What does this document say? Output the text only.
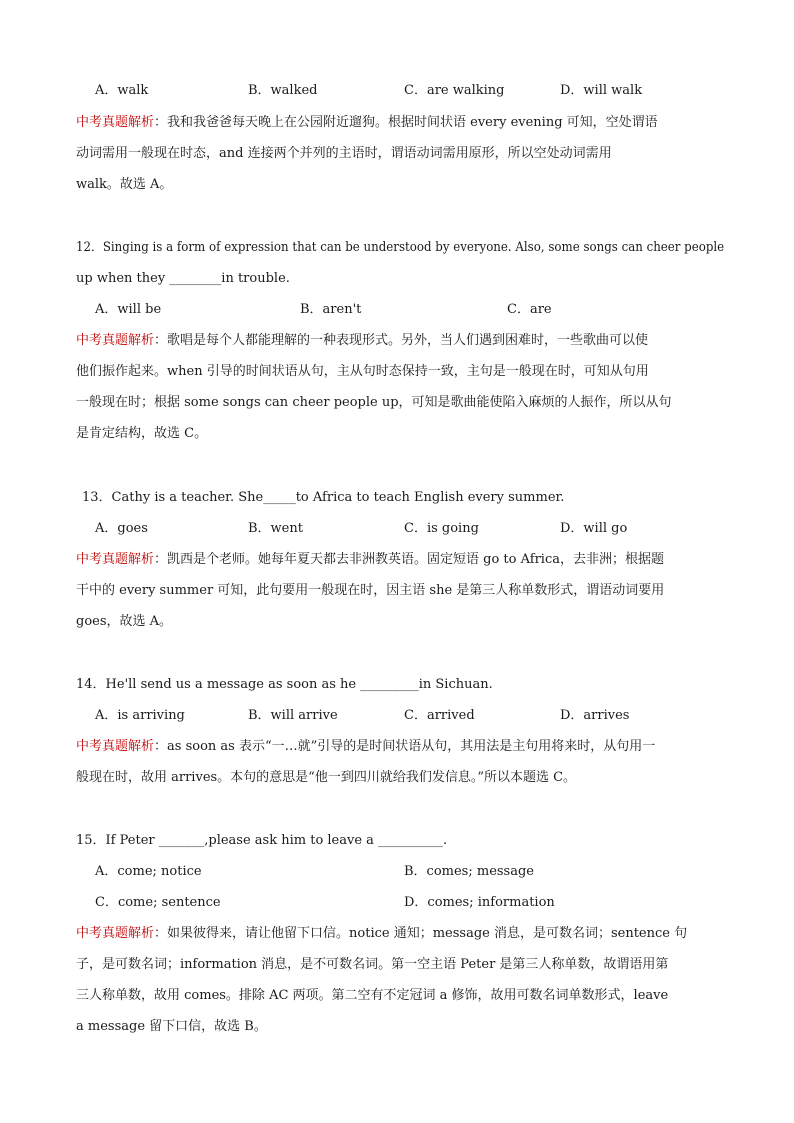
A．walk	B．walked	C．are walking	D．will walk
中考真题解析：我和我爸爸每天晚上在公园附近遛狗。根据时间状语 every evening 可知，空处谓语
动词需用一般现在时态，and 连接两个并列的主语时，谓语动词需用原形，所以空处动词需用
walk。故选 A。
12．Singing is a form of expression that can be understood by everyone. Also, some songs can cheer people
up when they ________in trouble.
A．will be	B．aren't	C．are
中考真题解析：歌唱是每个人都能理解的一种表现形式。另外，当人们遇到困难时，一些歌曲可以使
他们振作起来。when 引导的时间状语从句，主从句时态保持一致，主句是一般现在时，可知从句用
一般现在时；根据 some songs can cheer people up，可知是歌曲能使陷入麻烦的人振作，所以从句
是肯定结构，故选 C。
13．Cathy is a teacher. She_____to Africa to teach English every summer.
A．goes	B．went	C．is going	D．will go
中考真题解析：凯西是个老师。她每年夏天都去非洲教英语。固定短语 go to Africa，去非洲；根据题
干中的 every summer 可知，此句要用一般现在时，因主语 she 是第三人称单数形式，谓语动词要用
goes，故选 A。
14．He'll send us a message as soon as he _________in Sichuan.
A．is arriving	B．will arrive	C．arrived	D．arrives
中考真题解析：as soon as 表示“一…就”引导的是时间状语从句，其用法是主句用将来时，从句用一
般现在时，故用 arrives。本句的意思是“他一到四川就给我们发信息。”所以本题选 C。
15．If Peter _______,please ask him to leave a __________.
A．come; notice	B．comes; message
C．come; sentence	D．comes; information
中考真题解析：如果彼得来，请让他留下口信。notice 通知；message 消息，是可数名词；sentence 句
子，是可数名词；information 消息，是不可数名词。第一空主语 Peter 是第三人称单数，故谓语用第
三人称单数，故用 comes。排除 AC 两项。第二空有不定冠词 a 修饰，故用可数名词单数形式，leave
a message 留下口信，故选 B。
